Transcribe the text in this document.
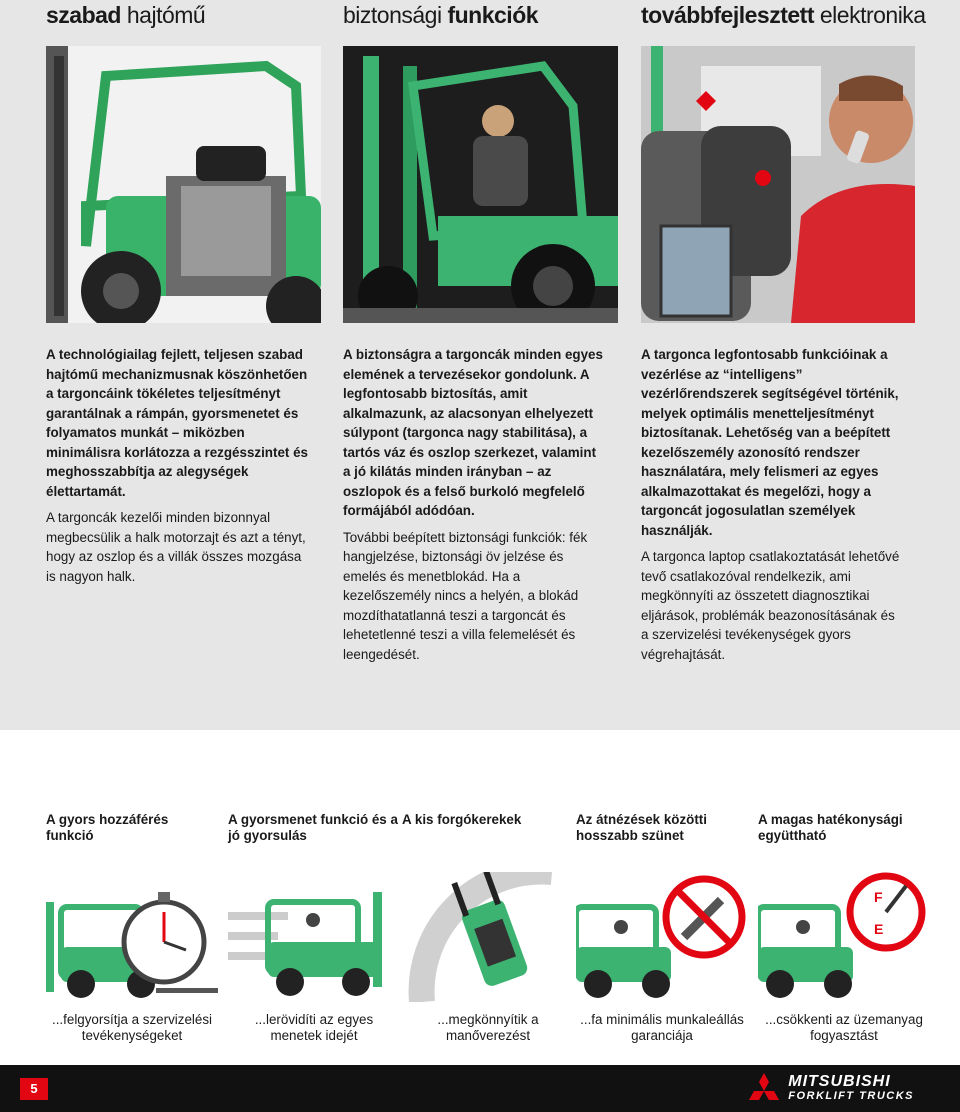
szabad hajtómű	biztonsági funkciók	továbbfejlesztett elektronika

A technológiailag fejlett, teljesen szabad hajtómű mechanizmusnak köszönhetően a targoncáink tökéletes teljesítményt garantálnak a rámpán, gyorsmenetet és folyamatos munkát – miközben minimálisra korlátozza a rezgésszintet és meghosszabbítja az alegységek élettartamát.

A targoncák kezelői minden bizonnyal megbecsülik a halk motorzajt és azt a tényt, hogy az oszlop és a villák összes mozgása is nagyon halk.

A biztonságra a targoncák minden egyes elemének a tervezésekor gondolunk. A legfontosabb biztosítás, amit alkalmazunk, az alacsonyan elhelyezett súlypont (targonca nagy stabilitása), a tartós váz és oszlop szerkezet, valamint a jó kilátás minden irányban – az oszlopok és a felső burkoló megfelelő formájából adódóan.

További beépített biztonsági funkciók: fék hangjelzése, biztonsági öv jelzése és emelés és menetblokád. Ha a kezelőszemély nincs a helyén, a blokád mozdíthatatlanná teszi a targoncát és lehetetlenné teszi a villa felemelését és leengedését.

A targonca legfontosabb funkcióinak a vezérlése az “intelligens” vezérlőrendszerek segítségével történik, melyek optimális menetteljesítményt biztosítanak. Lehetőség van a beépített kezelőszemély azonosító rendszer használatára, mely felismeri az egyes alkalmazottakat és megelőzi, hogy a targoncát jogosulatlan személyek használják.

A targonca laptop csatlakoztatását lehetővé tevő csatlakozóval rendelkezik, ami megkönnyíti az összetett diagnosztikai eljárások, problémák beazonosításának és a szervizelési tevékenységek gyors végrehajtását.

A gyors hozzáférés funkció
...felgyorsítja a szervizelési tevékenységeket
A gyorsmenet funkció és a jó gyorsulás
...lerövidíti az egyes menetek idejét
A kis forgókerekek
...megkönnyítik a manőverezést
Az átnézések közötti hosszabb szünet
...fa minimális munkaleállás garanciája
A magas hatékonysági együttható
F
E
...csökkenti az üzemanyag fogyasztást
5	MITSUBISHI
FORKLIFT TRUCKS
